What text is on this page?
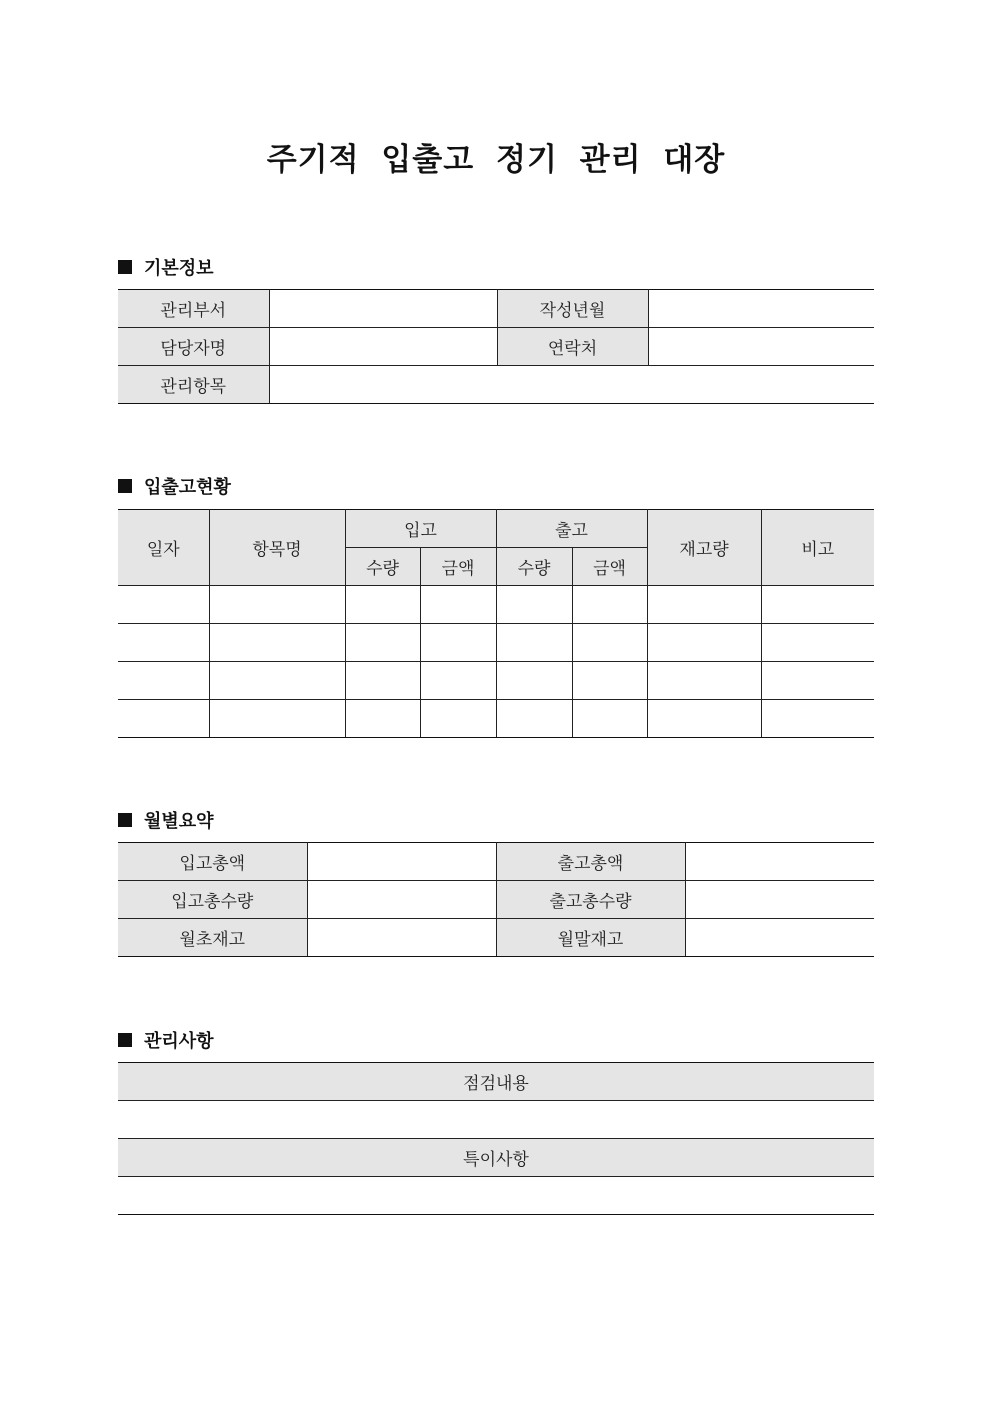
주기적 입출고 정기 관리 대장
기본정보
관리부서		작성년월	
담당자명		연락처	
관리항목			
입출고현황
일자	항목명	입고		출고		재고량	비고
		수량	금액	수량	금액		

월별요약
입고총액		출고총액	
입고총수량		출고총수량	
월초재고		월말재고	
관리사항
점검내용

특이사항
